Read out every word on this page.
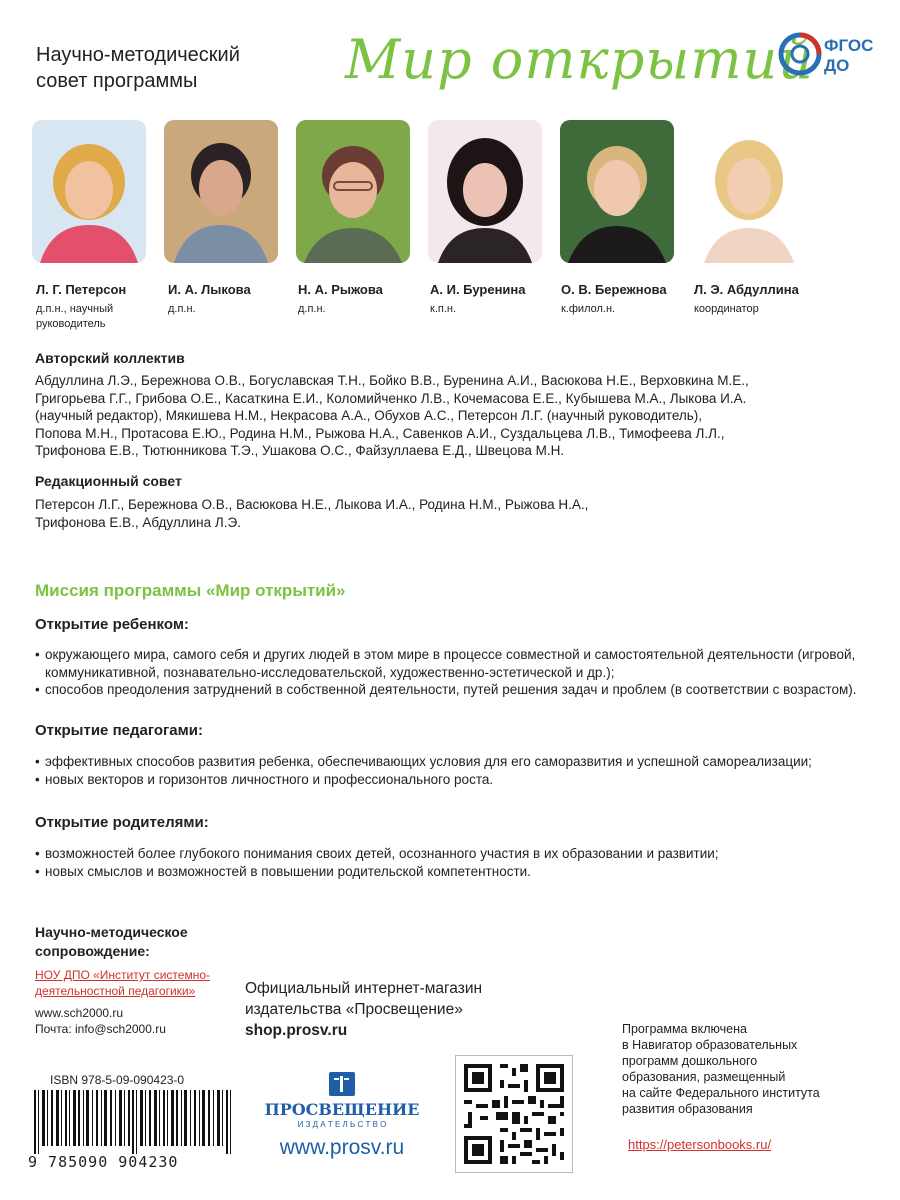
Научно-методический
совет программы	Мир открытий ФГОС
ДО
Л. Г. Петерсон
д.п.н., научный
руководитель
И. А. Лыкова
д.п.н.
Н. А. Рыжова
д.п.н.
А. И. Буренина
к.п.н.
О. В. Бережнова
к.филол.н.
Л. Э. Абдуллина
координатор
Авторский коллектив
Абдуллина Л.Э., Бережнова О.В., Богуславская Т.Н., Бойко В.В., Буренина А.И., Васюкова Н.Е., Верховкина М.Е.,
Григорьева Г.Г., Грибова О.Е., Касаткина Е.И., Коломийченко Л.В., Кочемасова Е.Е., Кубышева М.А., Лыкова И.А.
(научный редактор), Мякишева Н.М., Некрасова А.А., Обухов А.С., Петерсон Л.Г. (научный руководитель),
Попова М.Н., Протасова Е.Ю., Родина Н.М., Рыжова Н.А., Савенков А.И., Суздальцева Л.В., Тимофеева Л.Л.,
Трифонова Е.В., Тютюнникова Т.Э., Ушакова О.С., Файзуллаева Е.Д., Швецова М.Н.
Редакционный совет
Петерсон Л.Г., Бережнова О.В., Васюкова Н.Е., Лыкова И.А., Родина Н.М., Рыжова Н.А.,
Трифонова Е.В., Абдуллина Л.Э.
Миссия программы «Мир открытий»
Открытие ребенком:
• окружающего мира, самого себя и других людей в этом мире в процессе совместной и самостоятельной деятельности (игровой, коммуникативной, познавательно-исследовательской, художественно-эстетической и др.);
• способов преодоления затруднений в собственной деятельности, путей решения задач и проблем (в соответствии с возрастом).
Открытие педагогами:
• эффективных способов развития ребенка, обеспечивающих условия для его саморазвития и успешной самореализации;
• новых векторов и горизонтов личностного и профессионального роста.
Открытие родителями:
• возможностей более глубокого понимания своих детей, осознанного участия в их образовании и развитии;
• новых смыслов и возможностей в повышении родительской компетентности.
Научно-методическое
сопровождение:
НОУ ДПО «Институт системно-
деятельностной педагогики»
www.sch2000.ru
Почта: info@sch2000.ru
Официальный интернет-магазин
издательства «Просвещение»
shop.prosv.ru	Программа включена
в Навигатор образовательных
программ дошкольного
образования, размещенный
на сайте Федерального института
развития образования
https://petersonbooks.ru/
ISBN 978-5-09-090423-0
9 785090 904230
ПРОСВЕЩЕНИЕ
И З Д А Т Е Л Ь С Т В О
www.prosv.ru
